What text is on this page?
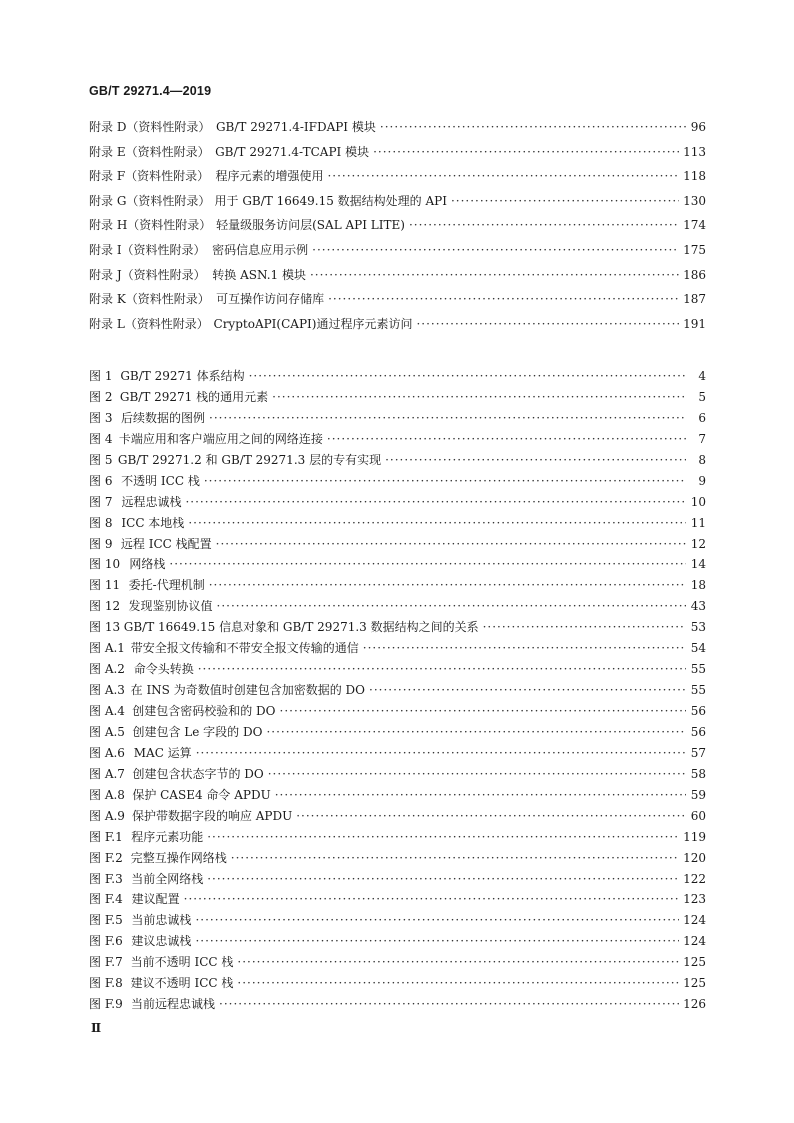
GB/T 29271.4—2019
附录 D（资料性附录） GB/T 29271.4-IFDAPI 模块 ·····	96
附录 E（资料性附录） GB/T 29271.4-TCAPI 模块 ·····	113
附录 F（资料性附录） 程序元素的增强使用 ·····	118
附录 G（资料性附录） 用于 GB/T 16649.15 数据结构处理的 API ·····	130
附录 H（资料性附录） 轻量级服务访问层(SAL API LITE) ·····	174
附录 I（资料性附录） 密码信息应用示例 ·····	175
附录 J（资料性附录） 转换 ASN.1 模块 ·····	186
附录 K（资料性附录） 可互操作访问存储库 ·····	187
附录 L（资料性附录） CryptoAPI(CAPI)通过程序元素访问 ·····	191
图 1 GB/T 29271 体系结构 ·····	4
图 2 GB/T 29271 栈的通用元素 ·····	5
图 3 后续数据的图例 ·····	6
图 4 卡端应用和客户端应用之间的网络连接 ·····	7
图 5 GB/T 29271.2 和 GB/T 29271.3 层的专有实现 ·····	8
图 6 不透明 ICC 栈 ·····	9
图 7 远程忠诚栈 ·····	10
图 8 ICC 本地栈 ·····	11
图 9 远程 ICC 栈配置 ·····	12
图 10 网络栈 ·····	14
图 11 委托-代理机制 ·····	18
图 12 发现鉴别协议值 ·····	43
图 13 GB/T 16649.15 信息对象和 GB/T 29271.3 数据结构之间的关系 ·····	53
图 A.1 带安全报文传输和不带安全报文传输的通信 ·····	54
图 A.2 命令头转换 ·····	55
图 A.3 在 INS 为奇数值时创建包含加密数据的 DO ·····	55
图 A.4 创建包含密码校验和的 DO ·····	56
图 A.5 创建包含 Le 字段的 DO ·····	56
图 A.6 MAC 运算 ·····	57
图 A.7 创建包含状态字节的 DO ·····	58
图 A.8 保护 CASE4 命令 APDU ·····	59
图 A.9 保护带数据字段的响应 APDU ·····	60
图 F.1 程序元素功能 ·····	119
图 F.2 完整互操作网络栈 ·····	120
图 F.3 当前全网络栈 ·····	122
图 F.4 建议配置 ·····	123
图 F.5 当前忠诚栈 ·····	124
图 F.6 建议忠诚栈 ·····	124
图 F.7 当前不透明 ICC 栈 ·····	125
图 F.8 建议不透明 ICC 栈 ·····	125
图 F.9 当前远程忠诚栈 ·····	126
Ⅱ
